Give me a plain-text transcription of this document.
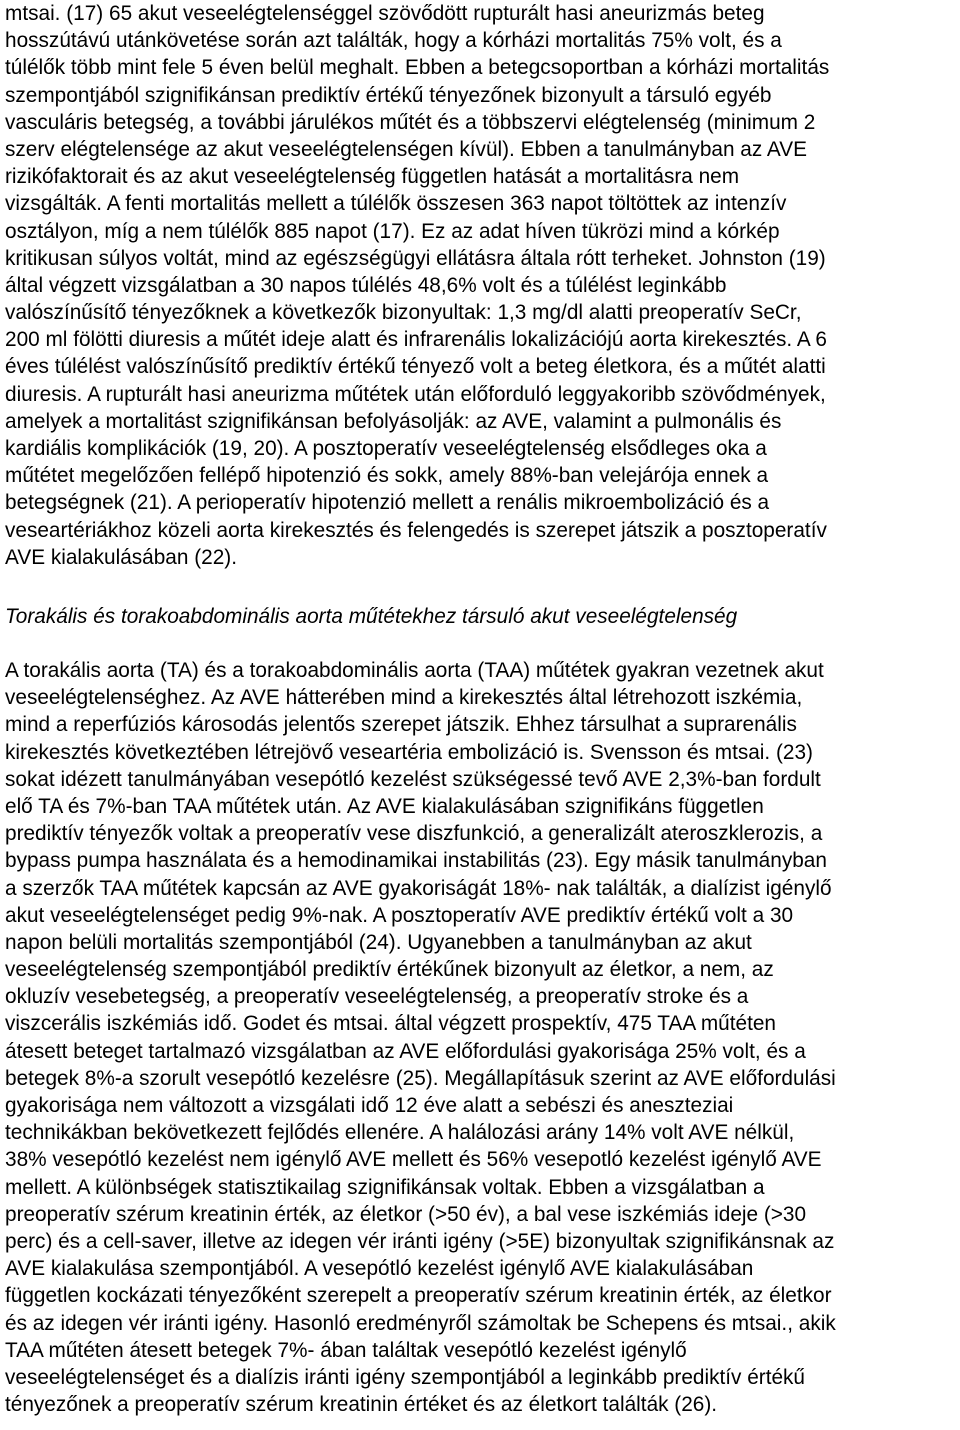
mtsai. (17) 65 akut veseelégtelenséggel szövődött rupturált hasi aneurizmás beteg
hosszútávú utánkövetése során azt találták, hogy a kórházi mortalitás 75% volt, és a
túlélők több mint fele 5 éven belül meghalt. Ebben a betegcsoportban a kórházi mortalitás
szempontjából szignifikánsan prediktív értékű tényezőnek bizonyult a társuló egyéb
vasculáris betegség, a további járulékos műtét és a többszervi elégtelenség (minimum 2
szerv elégtelensége az akut veseelégtelenségen kívül). Ebben a tanulmányban az AVE
rizikófaktorait és az akut veseelégtelenség független hatását a mortalitásra nem
vizsgálták. A fenti mortalitás mellett a túlélők összesen 363 napot töltöttek az intenzív
osztályon, míg a nem túlélők 885 napot (17). Ez az adat híven tükrözi mind a kórkép
kritikusan súlyos voltát, mind az egészségügyi ellátásra általa rótt terheket. Johnston (19)
által végzett vizsgálatban a 30 napos túlélés 48,6% volt és a túlélést leginkább
valószínűsítő tényezőknek a következők bizonyultak: 1,3 mg/dl alatti preoperatív SeCr,
200 ml fölötti diuresis a műtét ideje alatt és infrarenális lokalizációjú aorta kirekesztés. A 6
éves túlélést valószínűsítő prediktív értékű tényező volt a beteg életkora, és a műtét alatti
diuresis. A rupturált hasi aneurizma műtétek után előforduló leggyakoribb szövődmények,
amelyek a mortalitást szignifikánsan befolyásolják: az AVE, valamint a pulmonális és
kardiális komplikációk (19, 20). A posztoperatív veseelégtelenség elsődleges oka a
műtétet megelőzően fellépő hipotenzió és sokk, amely 88%-ban velejárója ennek a
betegségnek (21). A perioperatív hipotenzió mellett a renális mikroembolizáció és a
veseartériákhoz közeli aorta kirekesztés és felengedés is szerepet játszik a posztoperatív
AVE kialakulásában (22).
Torakális és torakoabdominális aorta műtétekhez társuló akut veseelégtelenség
A torakális aorta (TA) és a torakoabdominális aorta (TAA) műtétek gyakran vezetnek akut
veseelégtelenséghez. Az AVE hátterében mind a kirekesztés által létrehozott iszkémia,
mind a reperfúziós károsodás jelentős szerepet játszik. Ehhez társulhat a suprarenális
kirekesztés következtében létrejövő veseartéria embolizáció is. Svensson és mtsai. (23)
sokat idézett tanulmányában vesepótló kezelést szükségessé tevő AVE 2,3%-ban fordult
elő TA és 7%-ban TAA műtétek után. Az AVE kialakulásában szignifikáns független
prediktív tényezők voltak a preoperatív vese diszfunkció, a generalizált ateroszklerozis, a
bypass pumpa használata és a hemodinamikai instabilitás (23). Egy másik tanulmányban
a szerzők TAA műtétek kapcsán az AVE gyakoriságát 18%- nak találták, a dialízist igénylő
akut veseelégtelenséget pedig 9%-nak. A posztoperatív AVE prediktív értékű volt a 30
napon belüli mortalitás szempontjából (24). Ugyanebben a tanulmányban az akut
veseelégtelenség szempontjából prediktív értékűnek bizonyult az életkor, a nem, az
okluzív vesebetegség, a preoperatív veseelégtelenség, a preoperatív stroke és a
viszcerális iszkémiás idő. Godet és mtsai. által végzett prospektív, 475 TAA műtéten
átesett beteget tartalmazó vizsgálatban az AVE előfordulási gyakorisága 25% volt, és a
betegek 8%-a szorult vesepótló kezelésre (25). Megállapításuk szerint az AVE előfordulási
gyakorisága nem változott a vizsgálati idő 12 éve alatt a sebészi és aneszteziai
technikákban bekövetkezett fejlődés ellenére. A halálozási arány 14% volt AVE nélkül,
38% vesepótló kezelést nem igénylő AVE mellett és 56% vesepotló kezelést igénylő AVE
mellett. A különbségek statisztikailag szignifikánsak voltak. Ebben a vizsgálatban a
preoperatív szérum kreatinin érték, az életkor (>50 év), a bal vese iszkémiás ideje (>30
perc) és a cell-saver, illetve az idegen vér iránti igény (>5E) bizonyultak szignifikánsnak az
AVE kialakulása szempontjából. A vesepótló kezelést igénylő AVE kialakulásában
független kockázati tényezőként szerepelt a preoperatív szérum kreatinin érték, az életkor
és az idegen vér iránti igény. Hasonló eredményről számoltak be Schepens és mtsai., akik
TAA műtéten átesett betegek 7%- ában találtak vesepótló kezelést igénylő
veseelégtelenséget és a dialízis iránti igény szempontjából a leginkább prediktív értékű
tényezőnek a preoperatív szérum kreatinin értéket és az életkort találták (26).
